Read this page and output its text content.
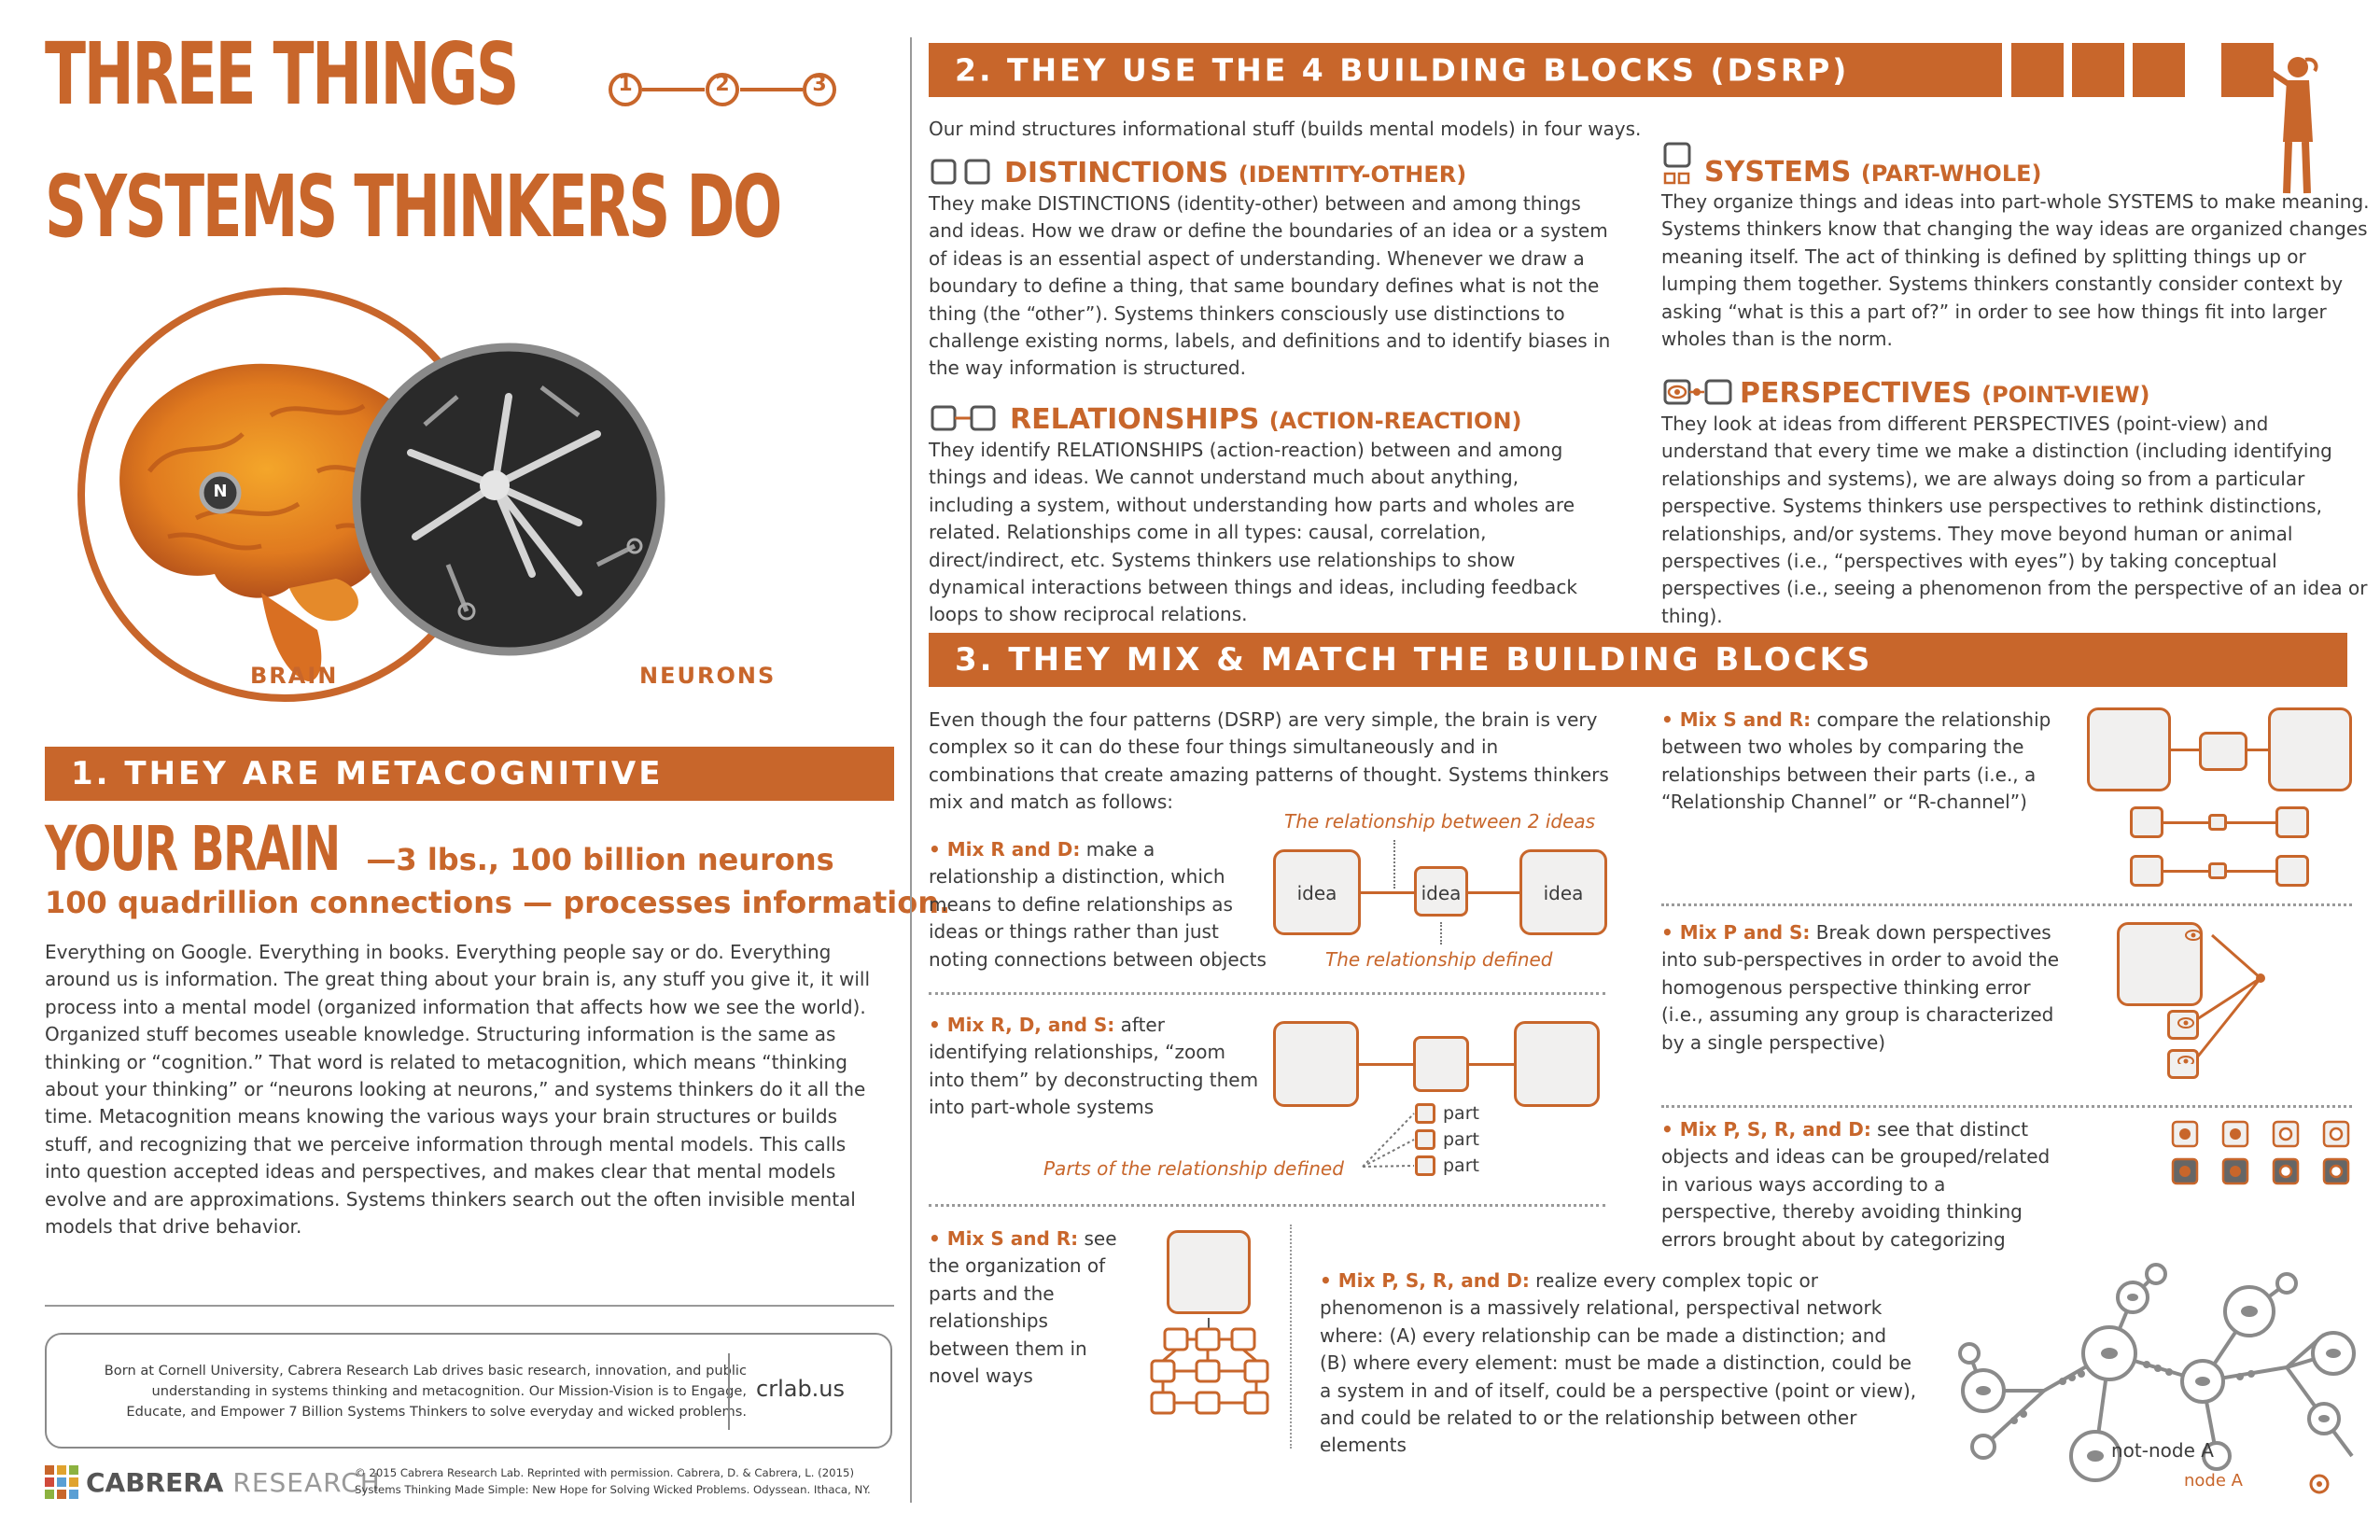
THREE THINGS
SYSTEMS THINKERS DO
1	2	3
N
BRAIN	NEURONS
1. THEY ARE METACOGNITIVE
YOUR BRAIN —3 lbs., 100 billion neurons
100 quadrillion connections — processes information.
Everything on Google. Everything in books. Everything people say or do. Everything around us is information. The great thing about your brain is, any stuff you give it, it will process into a mental model (organized information that affects how we see the world). Organized stuff becomes useable knowledge. Structuring information is the same as thinking or “cognition.” That word is related to metacognition, which means “thinking about your thinking” or “neurons looking at neurons,” and systems thinkers do it all the time. Metacognition means knowing the various ways your brain structures or builds stuff, and recognizing that we perceive information through mental models. This calls into question accepted ideas and perspectives, and makes clear that mental models evolve and are approximations. Systems thinkers search out the often invisible mental models that drive behavior.
Born at Cornell University, Cabrera Research Lab drives basic research, innovation, and public understanding in systems thinking and metacognition. Our Mission-Vision is to Engage, Educate, and Empower 7 Billion Systems Thinkers to solve everyday and wicked problems.
crlab.us
CABRERA RESEARCH
© 2015 Cabrera Research Lab. Reprinted with permission. Cabrera, D. & Cabrera, L. (2015)
Systems Thinking Made Simple: New Hope for Solving Wicked Problems. Odyssean. Ithaca, NY.
2. THEY USE THE 4 BUILDING BLOCKS (DSRP)
Our mind structures informational stuff (builds mental models) in four ways.
DISTINCTIONS (IDENTITY-OTHER)
They make DISTINCTIONS (identity-other) between and among things and ideas. How we draw or define the boundaries of an idea or a system of ideas is an essential aspect of understanding. Whenever we draw a boundary to define a thing, that same boundary defines what is not the thing (the “other”). Systems thinkers consciously use distinctions to challenge existing norms, labels, and definitions and to identify biases in the way information is structured.
RELATIONSHIPS (ACTION-REACTION)
They identify RELATIONSHIPS (action-reaction) between and among things and ideas. We cannot understand much about anything, including a system, without understanding how parts and wholes are related. Relationships come in all types: causal, correlation, direct/indirect, etc. Systems thinkers use relationships to show dynamical interactions between things and ideas, including feedback loops to show reciprocal relations.
SYSTEMS (PART-WHOLE)
They organize things and ideas into part-whole SYSTEMS to make meaning. Systems thinkers know that changing the way ideas are organized changes meaning itself. The act of thinking is defined by splitting things up or lumping them together. Systems thinkers constantly consider context by asking “what is this a part of?” in order to see how things fit into larger wholes than is the norm.
PERSPECTIVES (POINT-VIEW)
They look at ideas from different PERSPECTIVES (point-view) and understand that every time we make a distinction (including identifying relationships and systems), we are always doing so from a particular perspective. Systems thinkers use perspectives to rethink distinctions, relationships, and/or systems. They move beyond human or animal perspectives (i.e., “perspectives with eyes”) by taking conceptual perspectives (i.e., seeing a phenomenon from the perspective of an idea or thing).
3. THEY MIX & MATCH THE BUILDING BLOCKS
Even though the four patterns (DSRP) are very simple, the brain is very complex so it can do these four things simultaneously and in combinations that create amazing patterns of thought. Systems thinkers mix and match as follows:
• Mix R and D: make a relationship a distinction, which means to define relationships as ideas or things rather than just noting connections between objects
The relationship between 2 ideas
The relationship defined
idea	idea
idea
• Mix R, D, and S: after identifying relationships, “zoom into them” by deconstructing them into part-whole systems	part
part
part
Parts of the relationship defined
• Mix S and R: see the organization of parts and the relationships between them in novel ways
• Mix P, S, R, and D: realize every complex topic or phenomenon is a massively relational, perspectival network where: (A) every relationship can be made a distinction; and (B) where every element: must be made a distinction, could be a system in and of itself, could be a perspective (point or view), and could be related to or the relationship between other elements	not-node A
node A
• Mix S and R: compare the relationship between two wholes by comparing the relationships between their parts (i.e., a “Relationship Channel” or “R-channel”)
• Mix P and S: Break down perspectives into sub-perspectives in order to avoid the homogenous perspective thinking error (i.e., assuming any group is characterized by a single perspective)
• Mix P, S, R, and D: see that distinct objects and ideas can be grouped/related in various ways according to a perspective, thereby avoiding thinking errors brought about by categorizing
